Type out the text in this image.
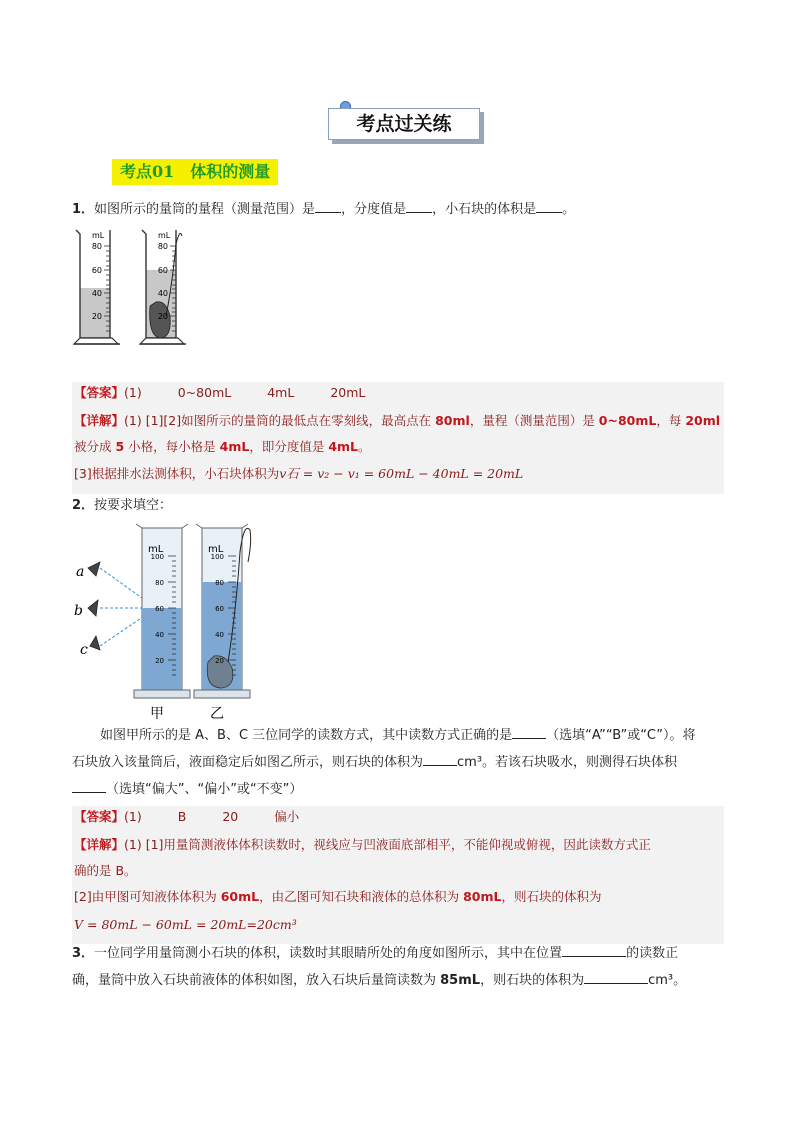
考点过关练
考点01　体积的测量
1．如图所示的量筒的量程（测量范围）是 ，分度值是 ，小石块的体积是 。
mL
80
60
40
20
mL
80
60
40
20
【答案】(1)	0~80mL	4mL	20mL
【详解】(1) [1][2]如图所示的量筒的最低点在零刻线，最高点在 80ml，量程（测量范围）是 0~80mL，每 20ml
被分成 5 小格，每小格是 4mL，即分度值是 4mL。
[3]根据排水法测体积，小石块体积为v石 = v₂ − v₁ = 60mL − 40mL = 20mL
2．按要求填空：
a
b
c
mL
100
80
60
40
20
甲
mL
100
80
60
40
20
乙
如图甲所示的是 A、B、C 三位同学的读数方式，其中读数方式正确的是	（选填“A”“B”或“C”）。将
石块放入该量筒后，液面稳定后如图乙所示，则石块的体积为	cm³。若该石块吸水，则测得石块体积
（选填“偏大”、“偏小”或“不变”）
【答案】(1)	B	20	偏小
【详解】(1) [1]用量筒测液体体积读数时，视线应与凹液面底部相平，不能仰视或俯视，因此读数方式正
确的是 B。
[2]由甲图可知液体体积为 60mL，由乙图可知石块和液体的总体积为 80mL，则石块的体积为
V = 80mL − 60mL = 20mL=20cm³
3．一位同学用量筒测小石块的体积，读数时其眼睛所处的角度如图所示，其中在位置	的读数正
确，量筒中放入石块前液体的体积如图，放入石块后量筒读数为 85mL，则石块的体积为	cm³。
